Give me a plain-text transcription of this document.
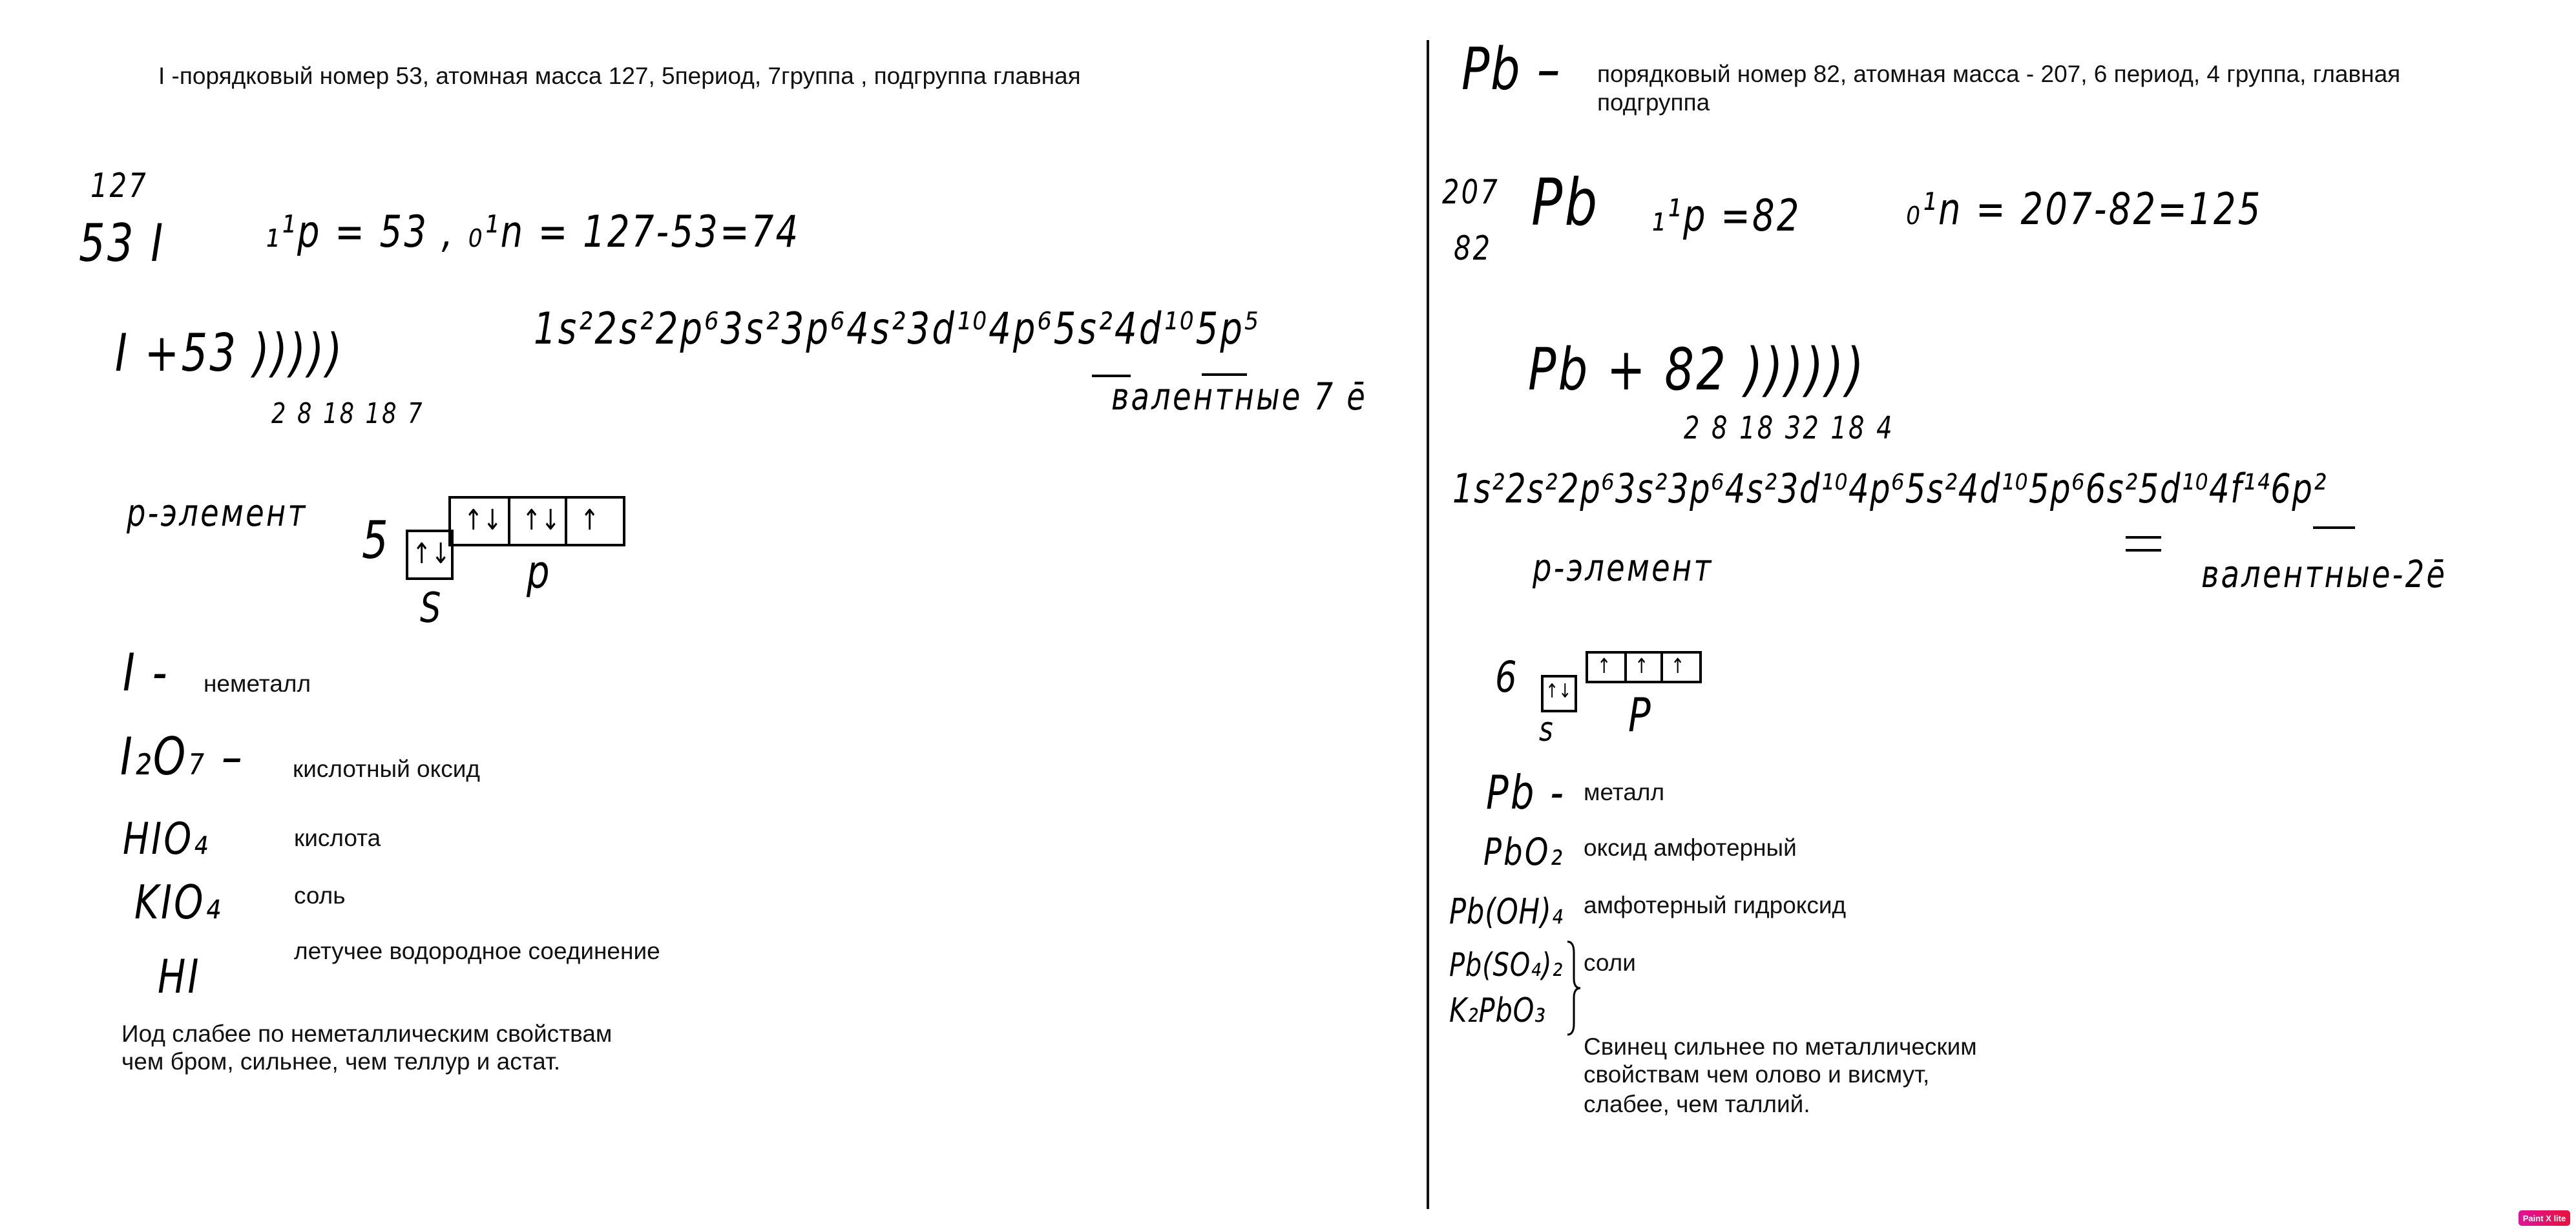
I -порядковый номер 53, атомная масса 127, 5период, 7группа , подгруппа главная
127
53 I ₁¹p = 53 , ₀¹n = 127-53=74
I +53 )))))
2 8 18 18 7
1s²2s²2p⁶3s²3p⁶4s²3d¹⁰4p⁶5s²4d¹⁰5p⁵
валентные 7 ē
p-элемент 5 ↑↓
↑↓ ↑↓ ↑
S
p
I - неметалл
I₂O₇ – кислотный оксид
HIO₄	кислота
KIO₄	соль
HI	летучее водородное соединение
Иод слабее по неметаллическим свойствам
чем бром, сильнее, чем теллур и астат.
Pb – порядковый номер 82, атомная масса - 207, 6 период, 4 группа, главная
подгруппа
207
82
Pb ₁¹p =82 ₀¹n = 207-82=125
Pb + 82 ))))))
2 8 18 32 18 4
1s²2s²2p⁶3s²3p⁶4s²3d¹⁰4p⁶5s²4d¹⁰5p⁶6s²5d¹⁰4f¹⁴6p²
p-элемент	валентные-2ē
6 ↑↓
↑ ↑ ↑
s P
Pb - металл
PbO₂ оксид амфотерный
Pb(OH)₄ амфотерный гидроксид
Pb(SO₄)₂ соли
K₂PbO₃
Свинец сильнее по металлическим
свойствам чем олово и висмут,
слабее, чем таллий.
Paint X lite
